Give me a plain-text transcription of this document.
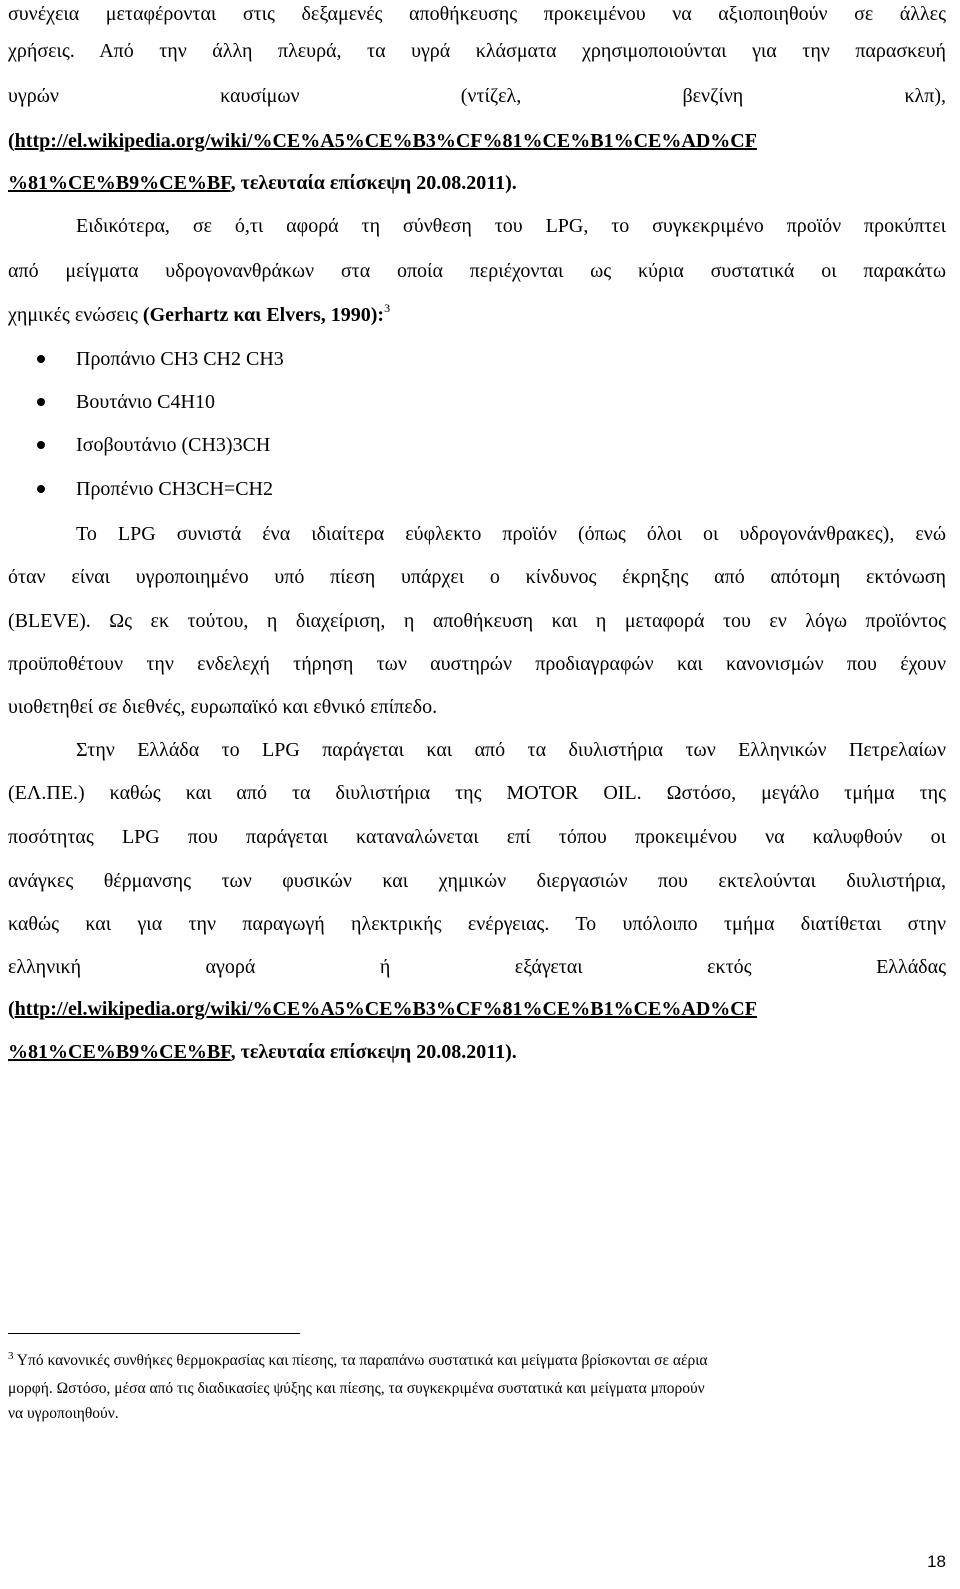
συνέχεια μεταφέρονται στις δεξαμενές αποθήκευσης προκειμένου να αξιοποιηθούν σε άλλες
χρήσεις. Από την άλλη πλευρά, τα υγρά κλάσματα χρησιμοποιούνται για την παρασκευή
υγρών καυσίμων (ντίζελ, βενζίνη κλπ),
(http://el.wikipedia.org/wiki/%CE%A5%CE%B3%CF%81%CE%B1%CE%AD%CF
%81%CE%B9%CE%BF, τελευταία επίσκεψη 20.08.2011).
Ειδικότερα, σε ό,τι αφορά τη σύνθεση του LPG, το συγκεκριμένο προϊόν προκύπτει
από μείγματα υδρογονανθράκων στα οποία περιέχονται ως κύρια συστατικά οι παρακάτω
χημικές ενώσεις (Gerhartz και Elvers, 1990):$^3$
Προπάνιο CH3 CH2 CH3
Βουτάνιο C4H10
Ισοβουτάνιο (CH3)3CH
Προπένιο CH3CH=CH2
Το LPG συνιστά ένα ιδιαίτερα εύφλεκτο προϊόν (όπως όλοι οι υδρογονάνθρακες), ενώ
όταν είναι υγροποιημένο υπό πίεση υπάρχει ο κίνδυνος έκρηξης από απότομη εκτόνωση
(BLEVE). Ως εκ τούτου, η διαχείριση, η αποθήκευση και η μεταφορά του εν λόγω προϊόντος
προϋποθέτουν την ενδελεχή τήρηση των αυστηρών προδιαγραφών και κανονισμών που έχουν
υιοθετηθεί σε διεθνές, ευρωπαϊκό και εθνικό επίπεδο.
Στην Ελλάδα το LPG παράγεται και από τα διυλιστήρια των Ελληνικών Πετρελαίων
(ΕΛ.ΠΕ.) καθώς και από τα διυλιστήρια της MOTOR OIL. Ωστόσο, μεγάλο τμήμα της
ποσότητας LPG που παράγεται καταναλώνεται επί τόπου προκειμένου να καλυφθούν οι
ανάγκες θέρμανσης των φυσικών και χημικών διεργασιών που εκτελούνται διυλιστήρια,
καθώς και για την παραγωγή ηλεκτρικής ενέργειας. Το υπόλοιπο τμήμα διατίθεται στην
ελληνική αγορά ή εξάγεται εκτός Ελλάδας
(http://el.wikipedia.org/wiki/%CE%A5%CE%B3%CF%81%CE%B1%CE%AD%CF
%81%CE%B9%CE%BF, τελευταία επίσκεψη 20.08.2011).
$^3$ Υπό κανονικές συνθήκες θερμοκρασίας και πίεσης, τα παραπάνω συστατικά και μείγματα βρίσκονται σε αέρια
μορφή. Ωστόσο, μέσα από τις διαδικασίες ψύξης και πίεσης, τα συγκεκριμένα συστατικά και μείγματα μπορούν
να υγροποιηθούν.
18
